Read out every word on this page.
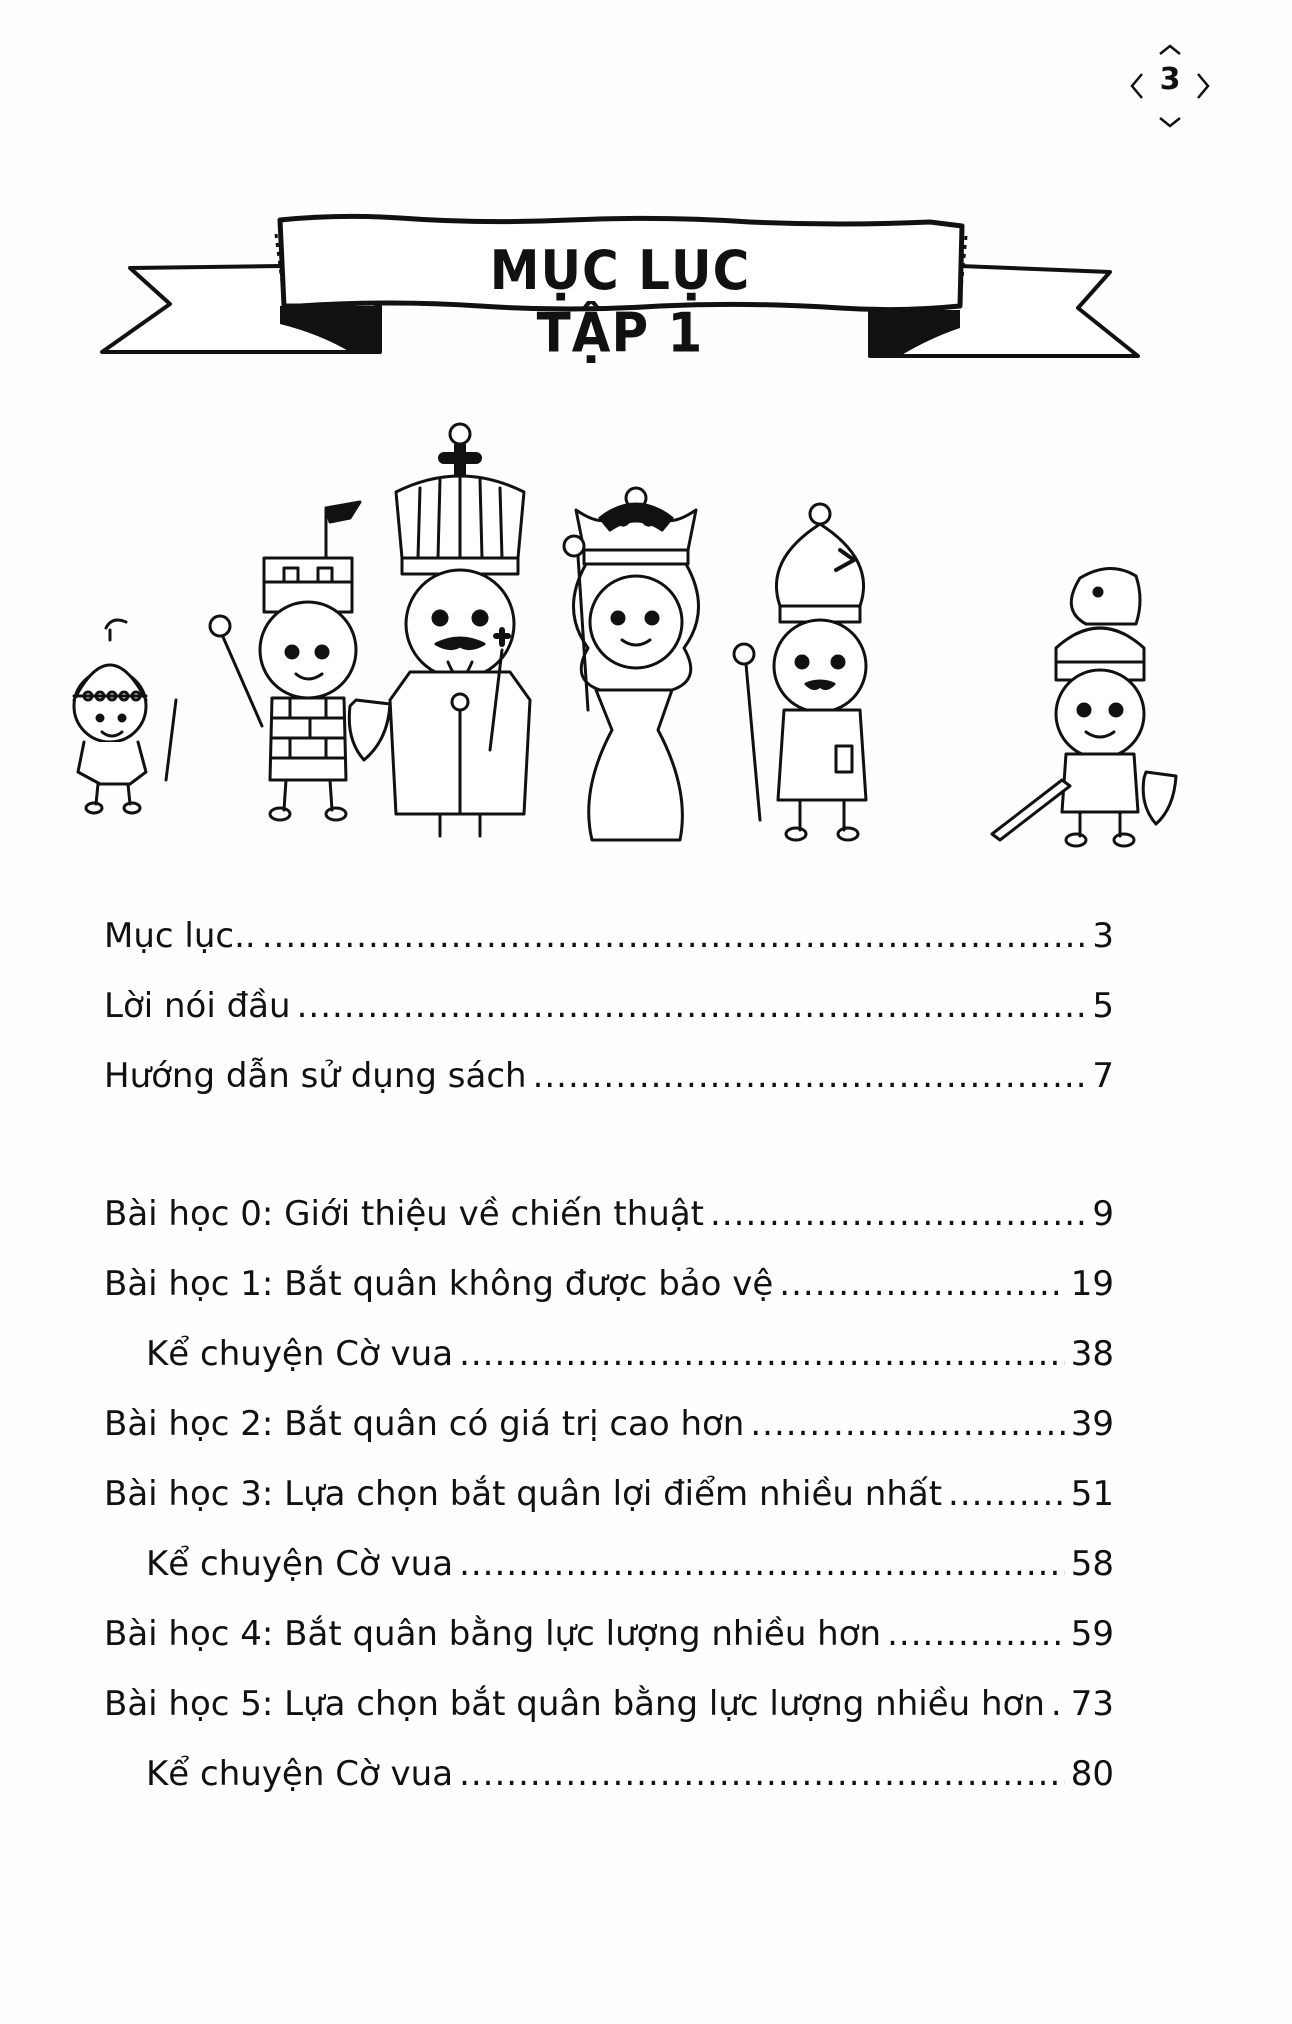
3
MỤC LỤC TẬP 1
Mục lục.. .....	3
Lời nói đầu .....	5
Hướng dẫn sử dụng sách .....	7
Bài học 0: Giới thiệu về chiến thuật .....	9
Bài học 1: Bắt quân không được bảo vệ .....	19
Kể chuyện Cờ vua .....	38
Bài học 2: Bắt quân có giá trị cao hơn .....	39
Bài học 3: Lựa chọn bắt quân lợi điểm nhiều nhất .....	51
Kể chuyện Cờ vua .....	58
Bài học 4: Bắt quân bằng lực lượng nhiều hơn .....	59
Bài học 5: Lựa chọn bắt quân bằng lực lượng nhiều hơn ..... 73
Kể chuyện Cờ vua .....	80
